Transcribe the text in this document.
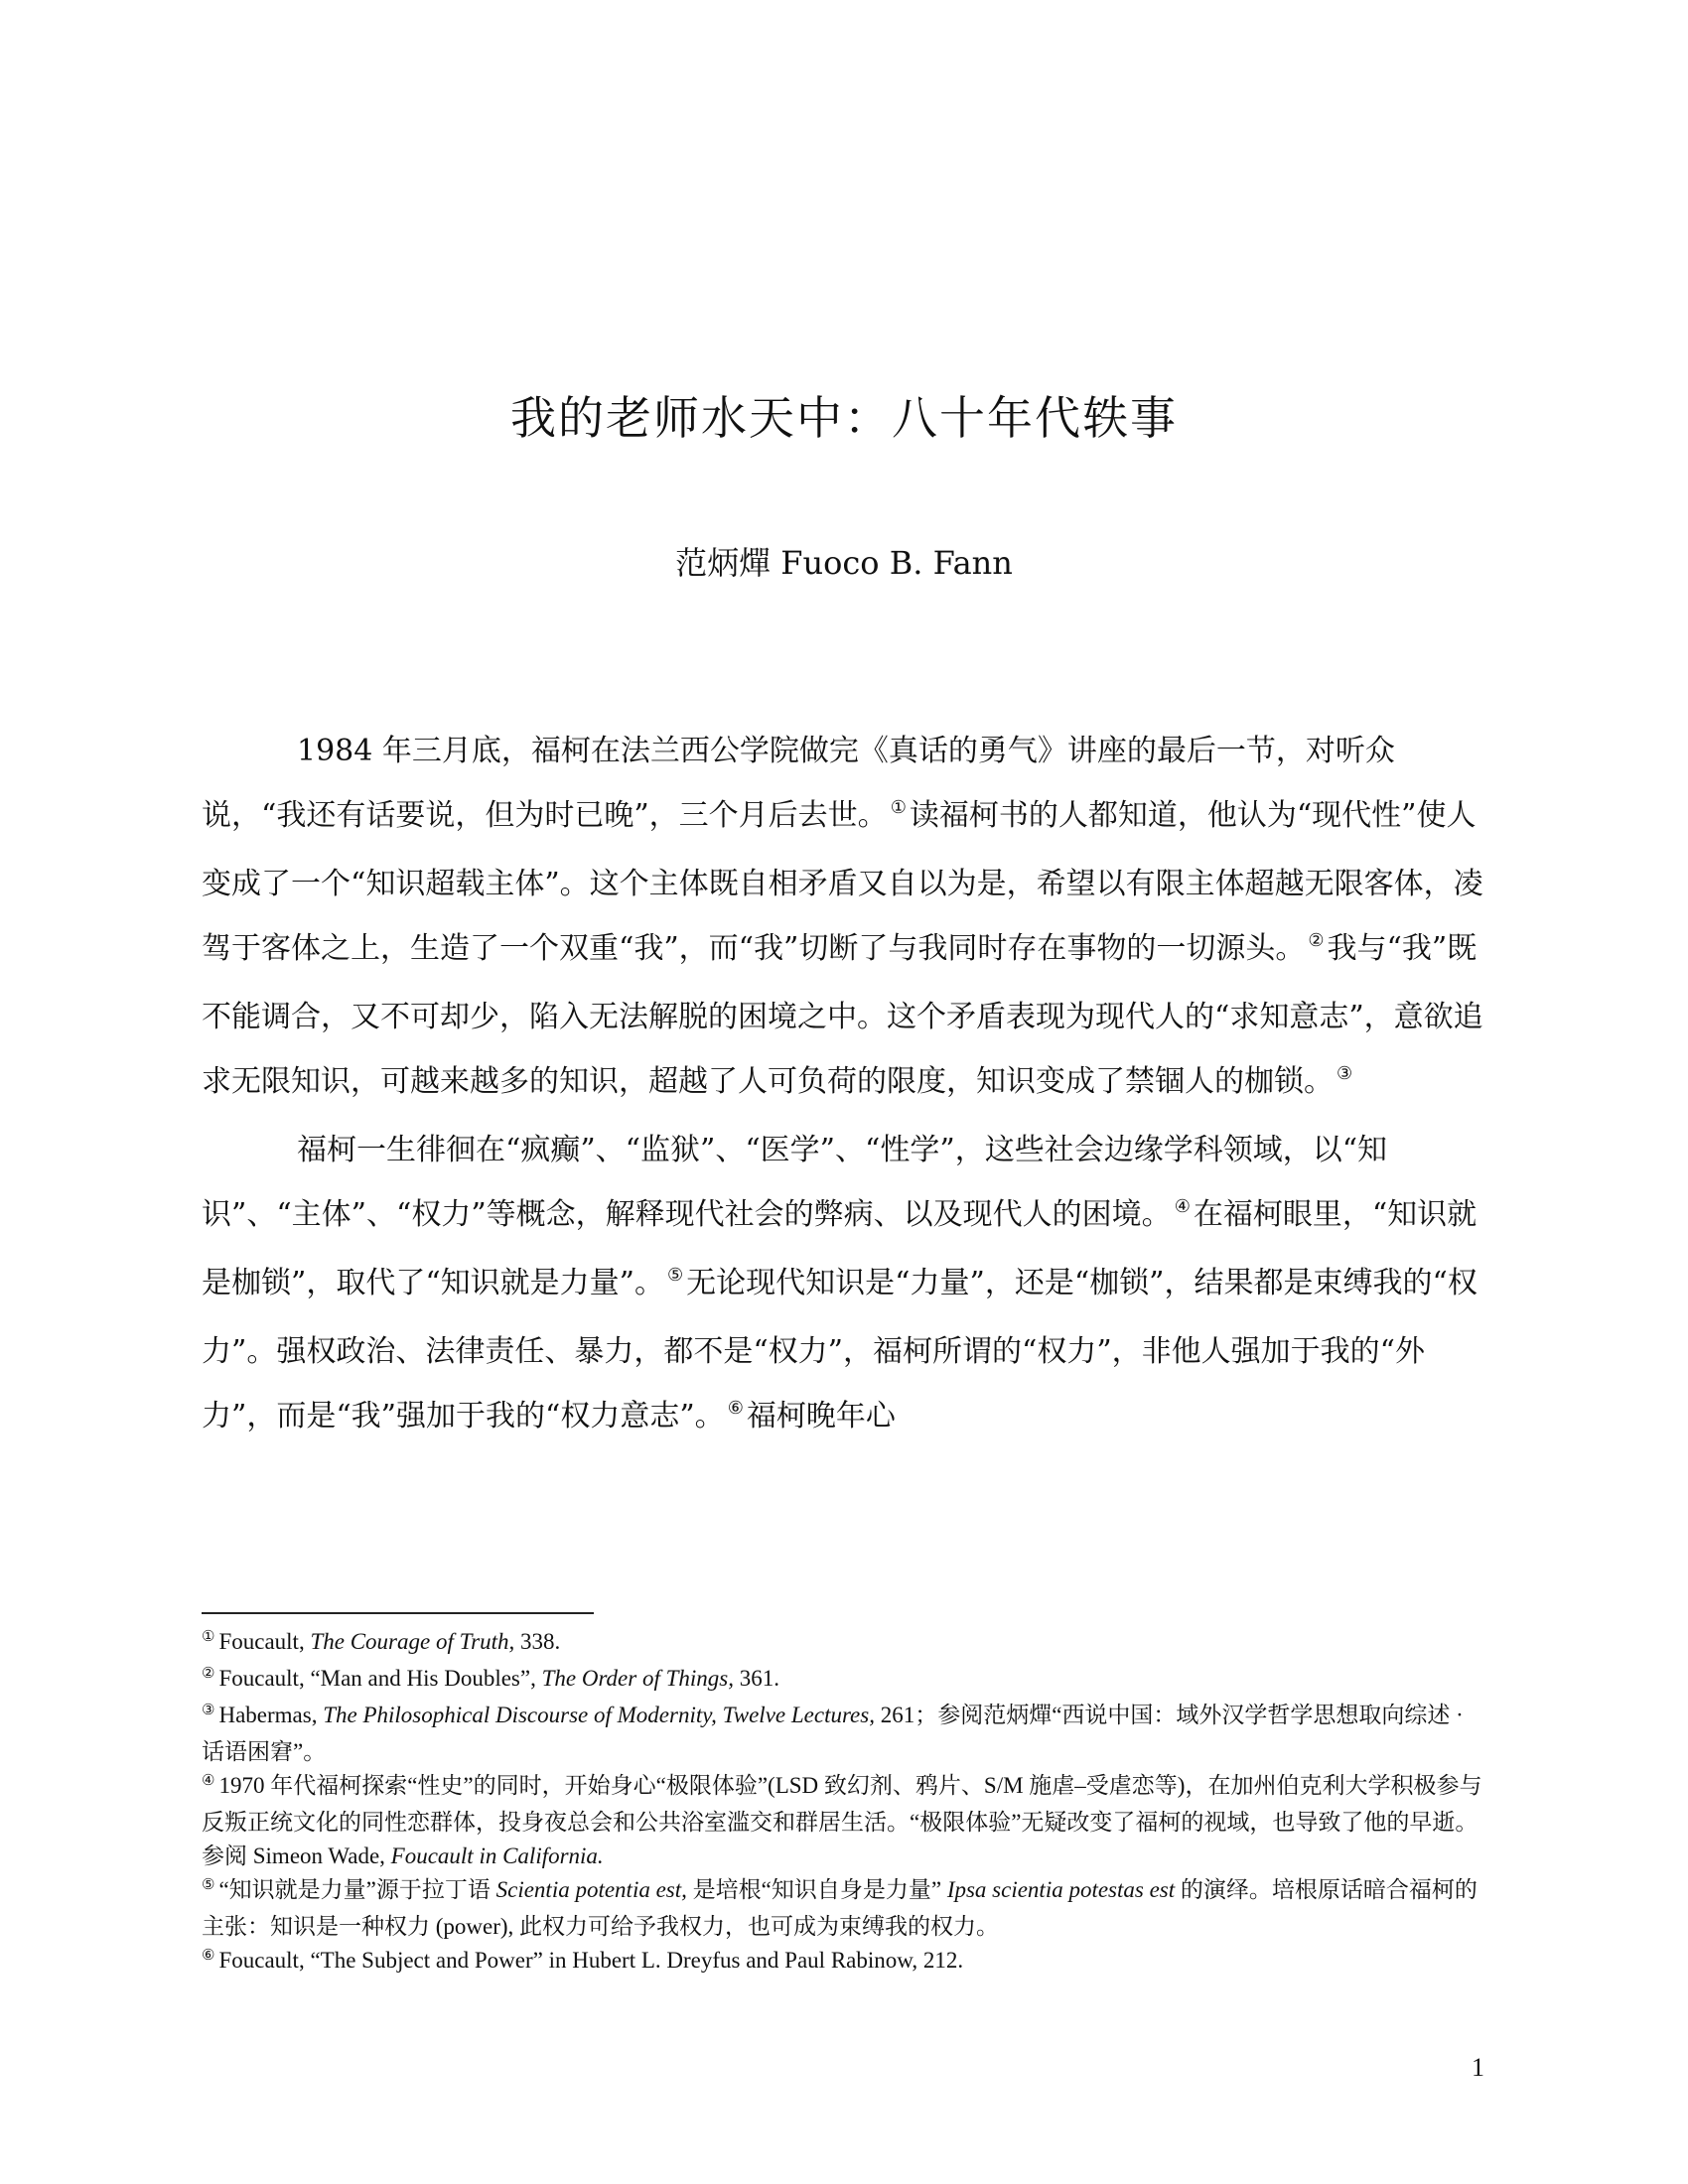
我的老师水天中：八十年代轶事
范炳燀 Fuoco B. Fann

1984 年三月底，福柯在法兰西公学院做完《真话的勇气》讲座的最后一节，对听众说，“我还有话要说，但为时已晚”，三个月后去世。 ① 读福柯书的人都知道，他认为“现代性”使人变成了一个“知识超载主体”。这个主体既自相矛盾又自以为是，希望以有限主体超越无限客体，凌驾于客体之上，生造了一个双重“我”，而“我”切断了与我同时存在事物的一切源头。 ② 我与“我”既不能调合，又不可却少，陷入无法解脱的困境之中。这个矛盾表现为现代人的“求知意志”，意欲追求无限知识，可越来越多的知识，超越了人可负荷的限度，知识变成了禁锢人的枷锁。 ③

福柯一生徘徊在“疯癫”、“监狱”、“医学”、“性学”，这些社会边缘学科领域，以“知识”、“主体”、“权力”等概念，解释现代社会的弊病、以及现代人的困境。 ④ 在福柯眼里，“知识就是枷锁”，取代了“知识就是力量”。 ⑤ 无论现代知识是“力量”，还是“枷锁”，结果都是束缚我的“权力”。强权政治、法律责任、暴力，都不是“权力”，福柯所谓的“权力”，非他人强加于我的“外力”，而是“我”强加于我的“权力意志”。 ⑥ 福柯晚年心

① Foucault, The Courage of Truth, 338.
② Foucault, “Man and His Doubles”, The Order of Things, 361.
③ Habermas, The Philosophical Discourse of Modernity, Twelve Lectures, 261；参阅范炳燀“西说中国：域外汉学哲学思想取向综述 · 话语困窘”。
④ 1970 年代福柯探索“性史”的同时，开始身心“极限体验”(LSD 致幻剂、鸦片、S/M 施虐–受虐恋等)，在加州伯克利大学积极参与反叛正统文化的同性恋群体，投身夜总会和公共浴室滥交和群居生活。“极限体验”无疑改变了福柯的视域，也导致了他的早逝。参阅 Simeon Wade, Foucault in California.
⑤ “知识就是力量”源于拉丁语 Scientia potentia est, 是培根“知识自身是力量” Ipsa scientia potestas est 的演绎。培根原话暗合福柯的主张：知识是一种权力 (power), 此权力可给予我权力，也可成为束缚我的权力。
⑥ Foucault, “The Subject and Power” in Hubert L. Dreyfus and Paul Rabinow, 212.
1
